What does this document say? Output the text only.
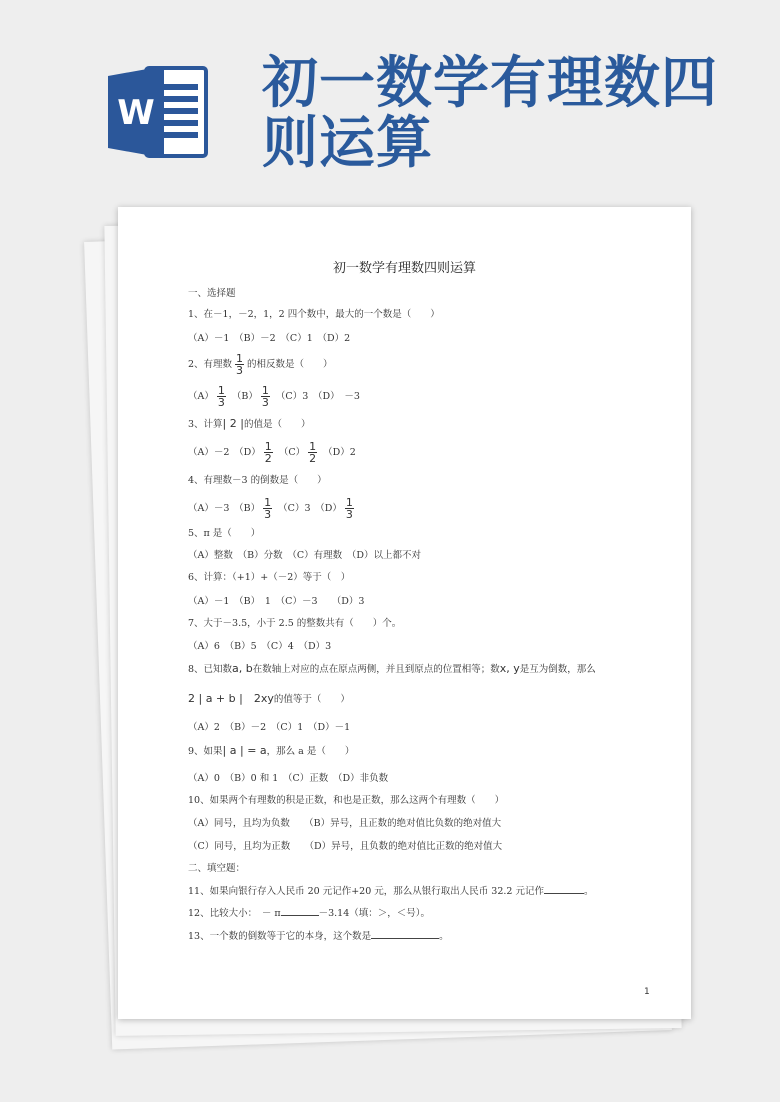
W 初一数学有理数四则运算
初一数学有理数四则运算
一、选择题
1、在－1，－2，1，2 四个数中，最大的一个数是（　　）
（A）－1　（B）－2　（C）1　（D）2
2、有理数 $\frac{1}{3}$ 的相反数是（　　）
$(A) \frac{1}{3} (B) \frac{1}{3} (C)3$　（D）　－3
3、计算| 2 |的值是（　　）
（A）－2　$(D) \frac{1}{2} (C) \frac{1}{2} (D)2$
4、有理数－3 的倒数是（　　）
（A）－3　$(B) \frac{1}{3} (C)3$　$(D) \frac{1}{3}$
5、π 是（　　）
（A）整数　（B）分数　（C）有理数　（D）以上都不对
6、计算：（+1）+（－2）等于（　）
（A）－1　（B）　1　（C）－3　　（D）3
7、大于－3.5，小于 2.5 的整数共有（　　）个。
（A）6　（B）5　（C）4　（D）3
8、已知数a, b在数轴上对应的点在原点两侧，并且到原点的位置相等；数x, y是互为倒数，那么
2 | a + b |　2xy的值等于（　　）
（A）2　（B）－2　（C）1　（D）－1
9、如果| a | = a，那么 a 是（　　）
（A）0　（B）0 和 1　（C）正数　（D）非负数
10、如果两个有理数的积是正数，和也是正数，那么这两个有理数（　　）
（A）同号，且均为负数　　（B）异号，且正数的绝对值比负数的绝对值大
（C）同号，且均为正数　　（D）异号，且负数的绝对值比正数的绝对值大
二、填空题：
11、如果向银行存入人民币 20 元记作+20 元，那么从银行取出人民币 32.2 元记作	。
12、比较大小：　－ π	－3.14（填：＞，＜号）。
13、一个数的倒数等于它的本身，这个数是	。
1
